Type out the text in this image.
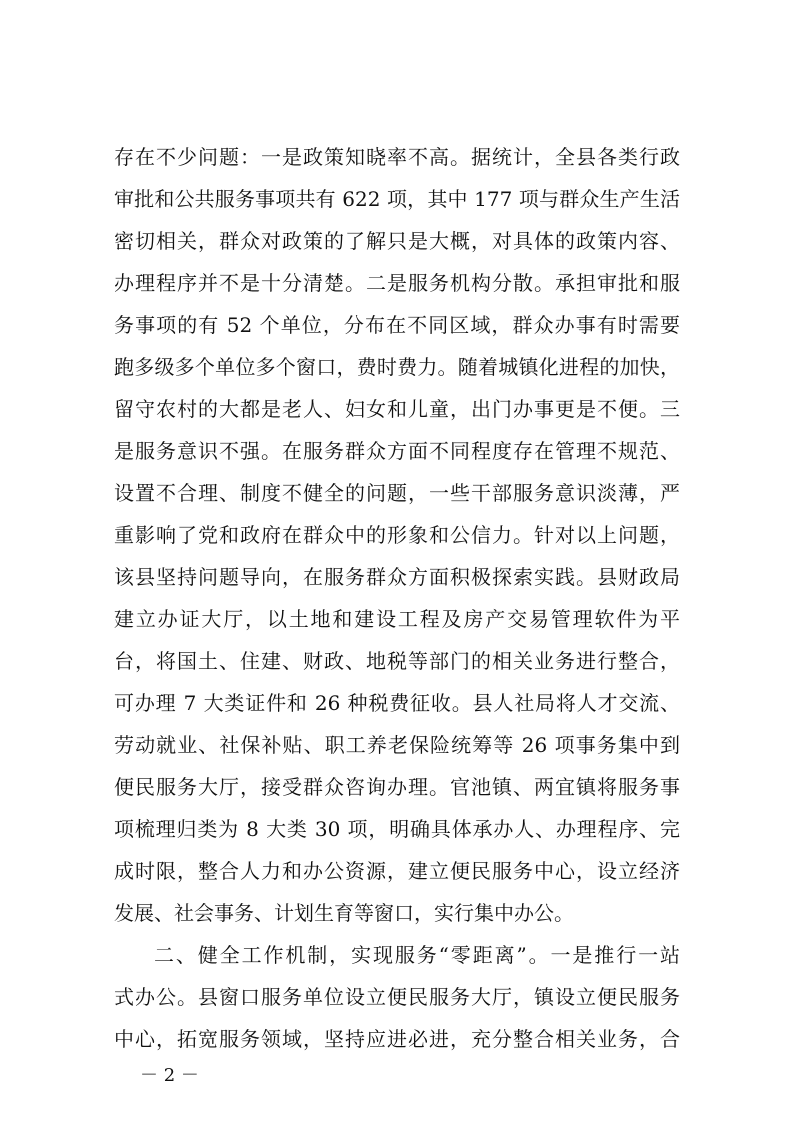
存在不少问题：一是政策知晓率不高。据统计，全县各类行政
审批和公共服务事项共有 622 项，其中 177 项与群众生产生活
密切相关，群众对政策的了解只是大概，对具体的政策内容、
办理程序并不是十分清楚。二是服务机构分散。承担审批和服
务事项的有 52 个单位，分布在不同区域，群众办事有时需要
跑多级多个单位多个窗口，费时费力。随着城镇化进程的加快，
留守农村的大都是老人、妇女和儿童，出门办事更是不便。三
是服务意识不强。在服务群众方面不同程度存在管理不规范、
设置不合理、制度不健全的问题，一些干部服务意识淡薄，严
重影响了党和政府在群众中的形象和公信力。针对以上问题，
该县坚持问题导向，在服务群众方面积极探索实践。县财政局
建立办证大厅，以土地和建设工程及房产交易管理软件为平
台，将国土、住建、财政、地税等部门的相关业务进行整合，
可办理 7 大类证件和 26 种税费征收。县人社局将人才交流、
劳动就业、社保补贴、职工养老保险统筹等 26 项事务集中到
便民服务大厅，接受群众咨询办理。官池镇、两宜镇将服务事
项梳理归类为 8 大类 30 项，明确具体承办人、办理程序、完
成时限，整合人力和办公资源，建立便民服务中心，设立经济
发展、社会事务、计划生育等窗口，实行集中办公。
二、健全工作机制，实现服务“零距离”。一是推行一站
式办公。县窗口服务单位设立便民服务大厅，镇设立便民服务
中心，拓宽服务领域，坚持应进必进，充分整合相关业务，合
－ 2 －
